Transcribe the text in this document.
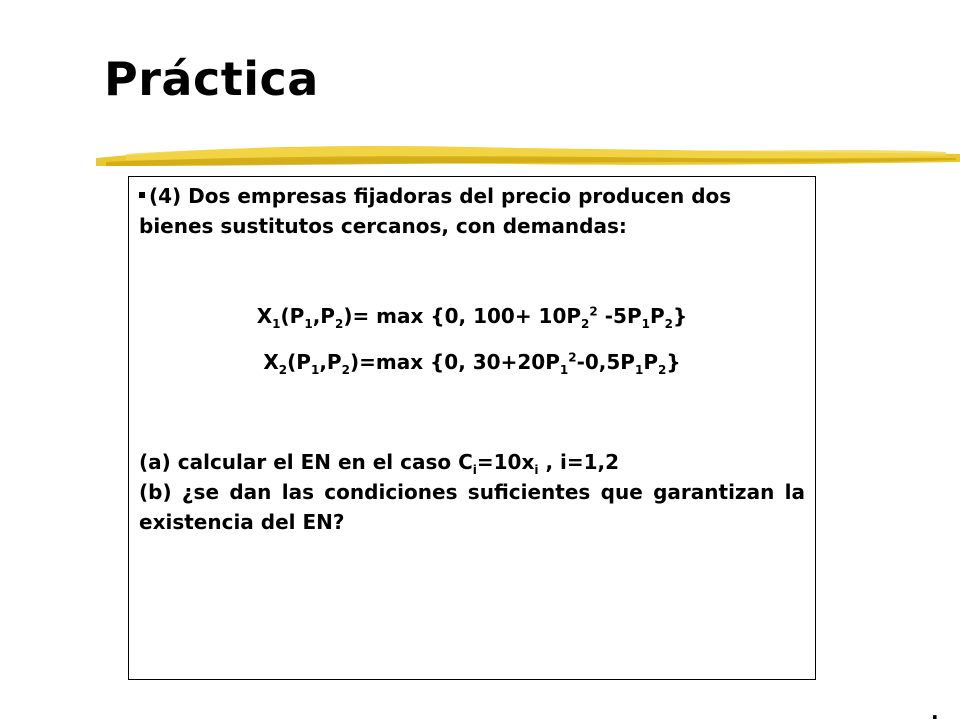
Práctica

(4) Dos empresas fijadoras del precio producen dos
bienes sustitutos cercanos, con demandas:

$X_1(P_1,P_2)= \max \{0$, $100+ 10P_2^2$ $-5P_1P_2$}

$X_2(P_1,P_2)=\max$ {0, $30+20P_1^2-0,5P_1P_2$}

(a) calcular el EN en el caso $C_i=10x_i$ , i=1,2

(b) ¿se dan las condiciones suficientes que garantizan la existencia del EN?

.
